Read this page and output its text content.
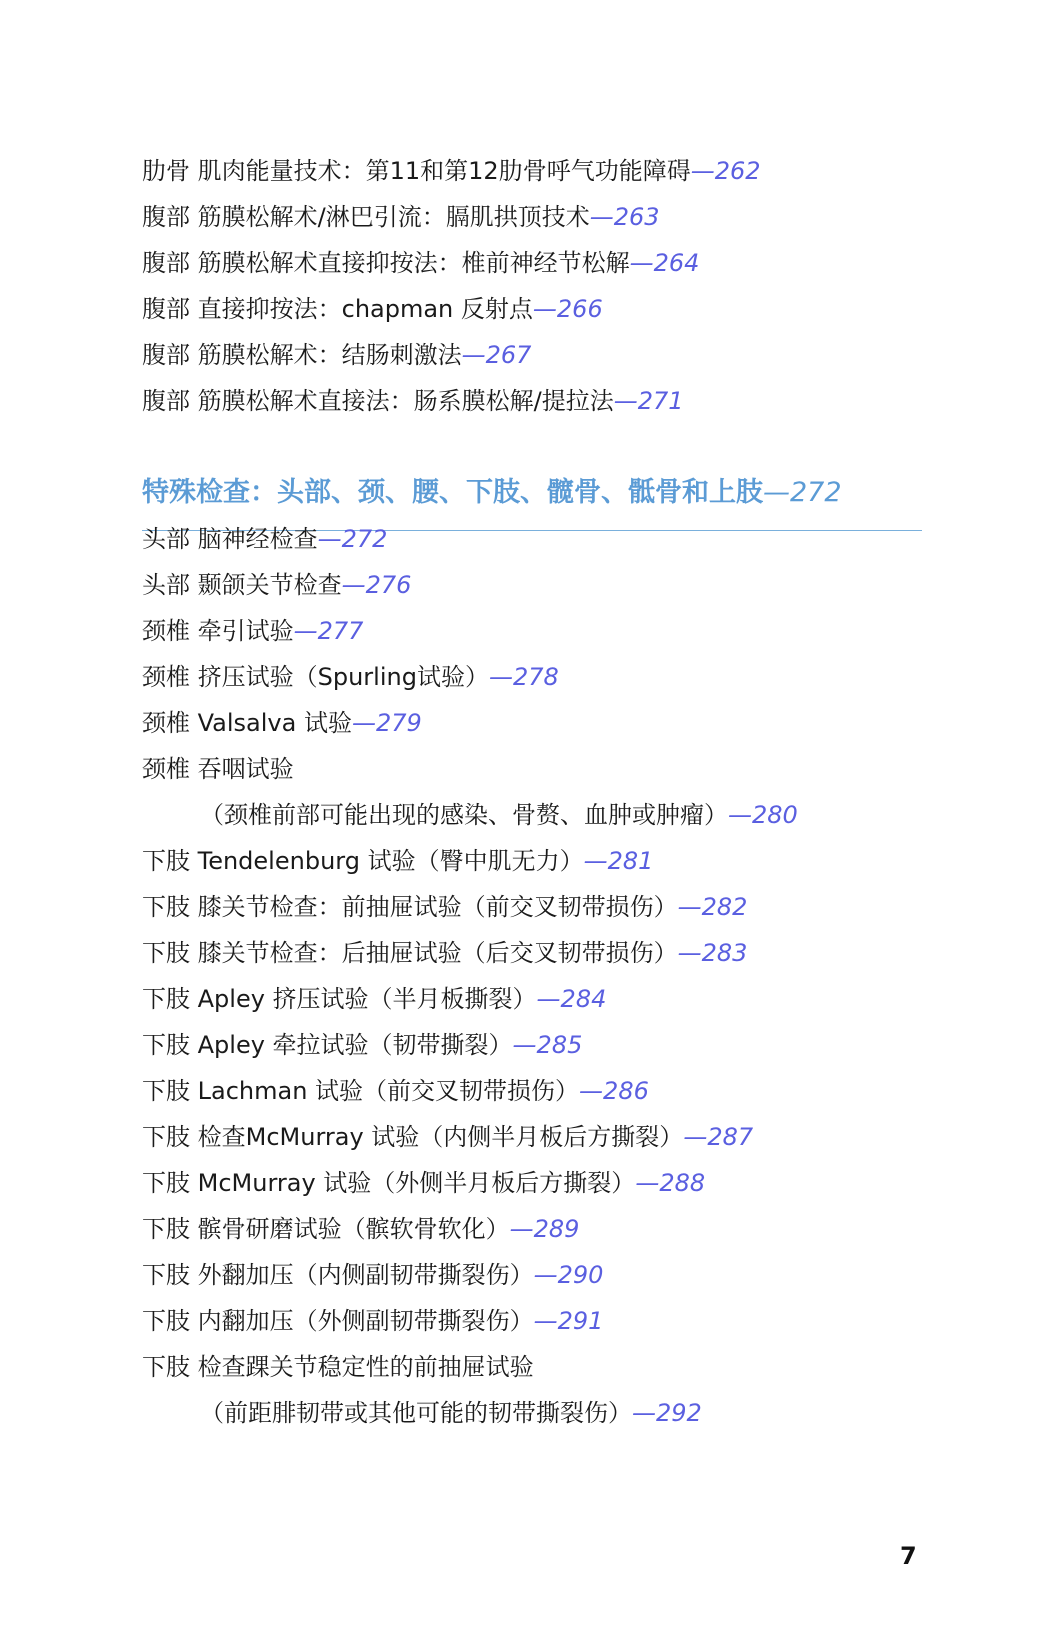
肋骨 肌肉能量技术：第11和第12肋骨呼气功能障碍—262
腹部 筋膜松解术/淋巴引流：膈肌拱顶技术—263
腹部 筋膜松解术直接抑按法：椎前神经节松解—264
腹部 直接抑按法：chapman 反射点—266
腹部 筋膜松解术：结肠刺激法—267
腹部 筋膜松解术直接法：肠系膜松解/提拉法—271
特殊检查：头部、颈、腰、下肢、髋骨、骶骨和上肢—272
头部 脑神经检查—272
头部 颞颌关节检查—276
颈椎 牵引试验—277
颈椎 挤压试验（Spurling试验）—278
颈椎 Valsalva 试验—279
颈椎 吞咽试验
（颈椎前部可能出现的感染、骨赘、血肿或肿瘤）—280
下肢 Tendelenburg 试验（臀中肌无力）—281
下肢 膝关节检查：前抽屉试验（前交叉韧带损伤）—282
下肢 膝关节检查：后抽屉试验（后交叉韧带损伤）—283
下肢 Apley 挤压试验（半月板撕裂）—284
下肢 Apley 牵拉试验（韧带撕裂）—285
下肢 Lachman 试验（前交叉韧带损伤）—286
下肢 检查McMurray 试验（内侧半月板后方撕裂）—287
下肢 McMurray 试验（外侧半月板后方撕裂）—288
下肢 髌骨研磨试验（髌软骨软化）—289
下肢 外翻加压（内侧副韧带撕裂伤）—290
下肢 内翻加压（外侧副韧带撕裂伤）—291
下肢 检查踝关节稳定性的前抽屉试验
（前距腓韧带或其他可能的韧带撕裂伤）—292
7
